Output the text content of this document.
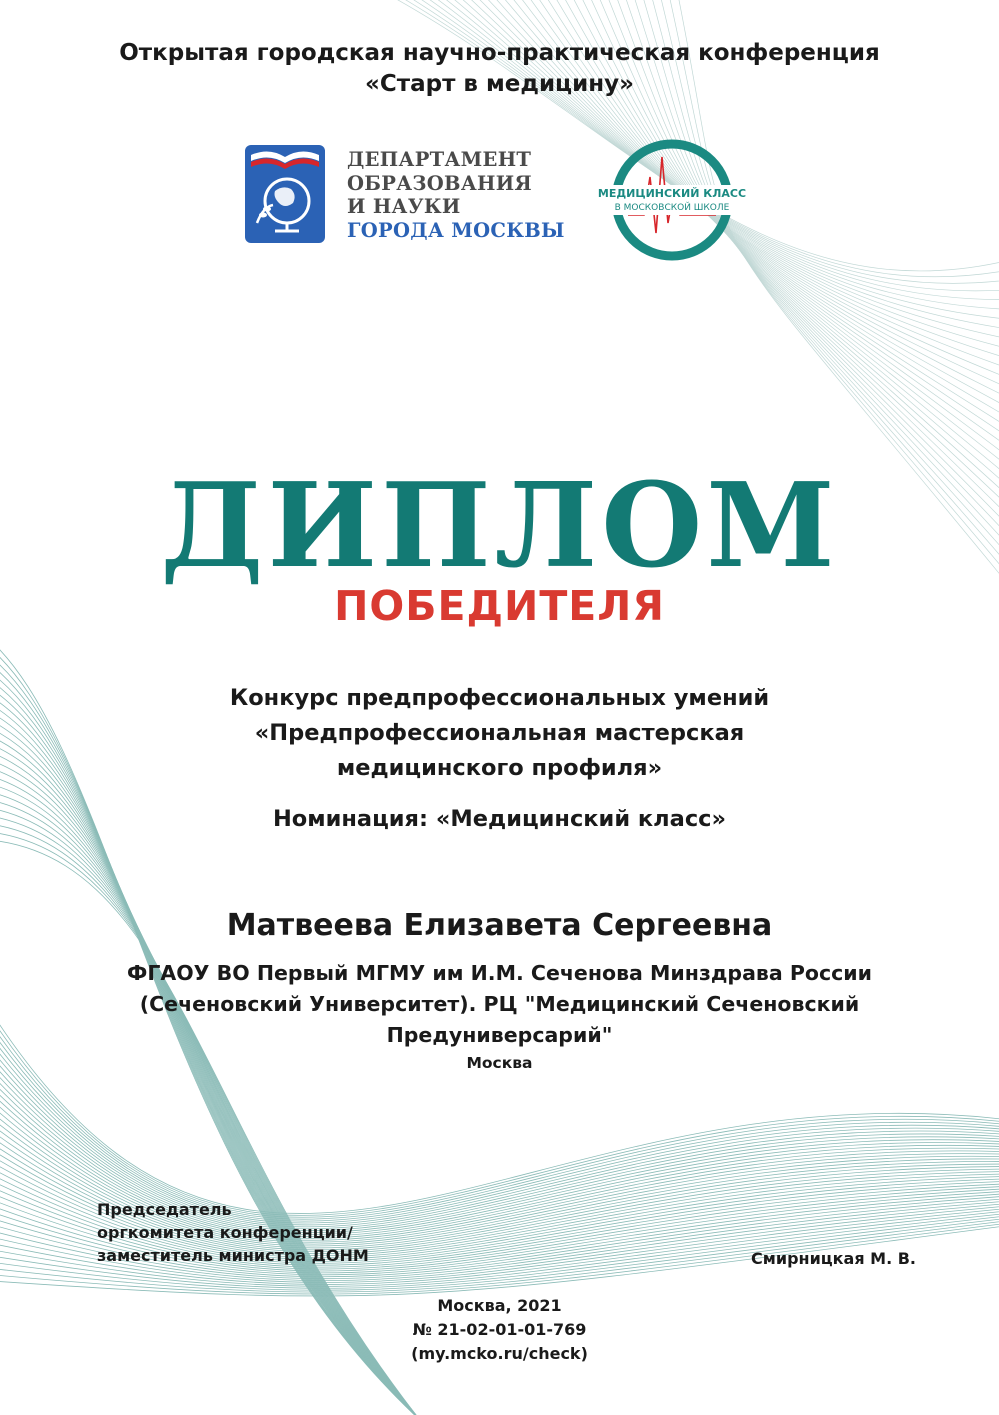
Открытая городская научно-практическая конференция
«Старт в медицину»
ДЕПАРТАМЕНТ
ОБРАЗОВАНИЯ
И НАУКИ
ГОРОДА МОСКВЫ
МЕДИЦИНСКИЙ КЛАСС
В МОСКОВСКОЙ ШКОЛЕ
ДИПЛОМ
ПОБЕДИТЕЛЯ
Конкурс предпрофессиональных умений
«Предпрофессиональная мастерская
медицинского профиля»
Номинация: «Медицинский класс»
Матвеева Елизавета Сергеевна
ФГАОУ ВО Первый МГМУ им И.М. Сеченова Минздрава России
(Сеченовский Университет). РЦ "Медицинский Сеченовский
Предуниверсарий"
Москва
Председатель
оргкомитета конференции/
заместитель министра ДОНМ	Смирницкая М. В.
Москва, 2021
№ 21-02-01-01-769
(my.mcko.ru/check)
